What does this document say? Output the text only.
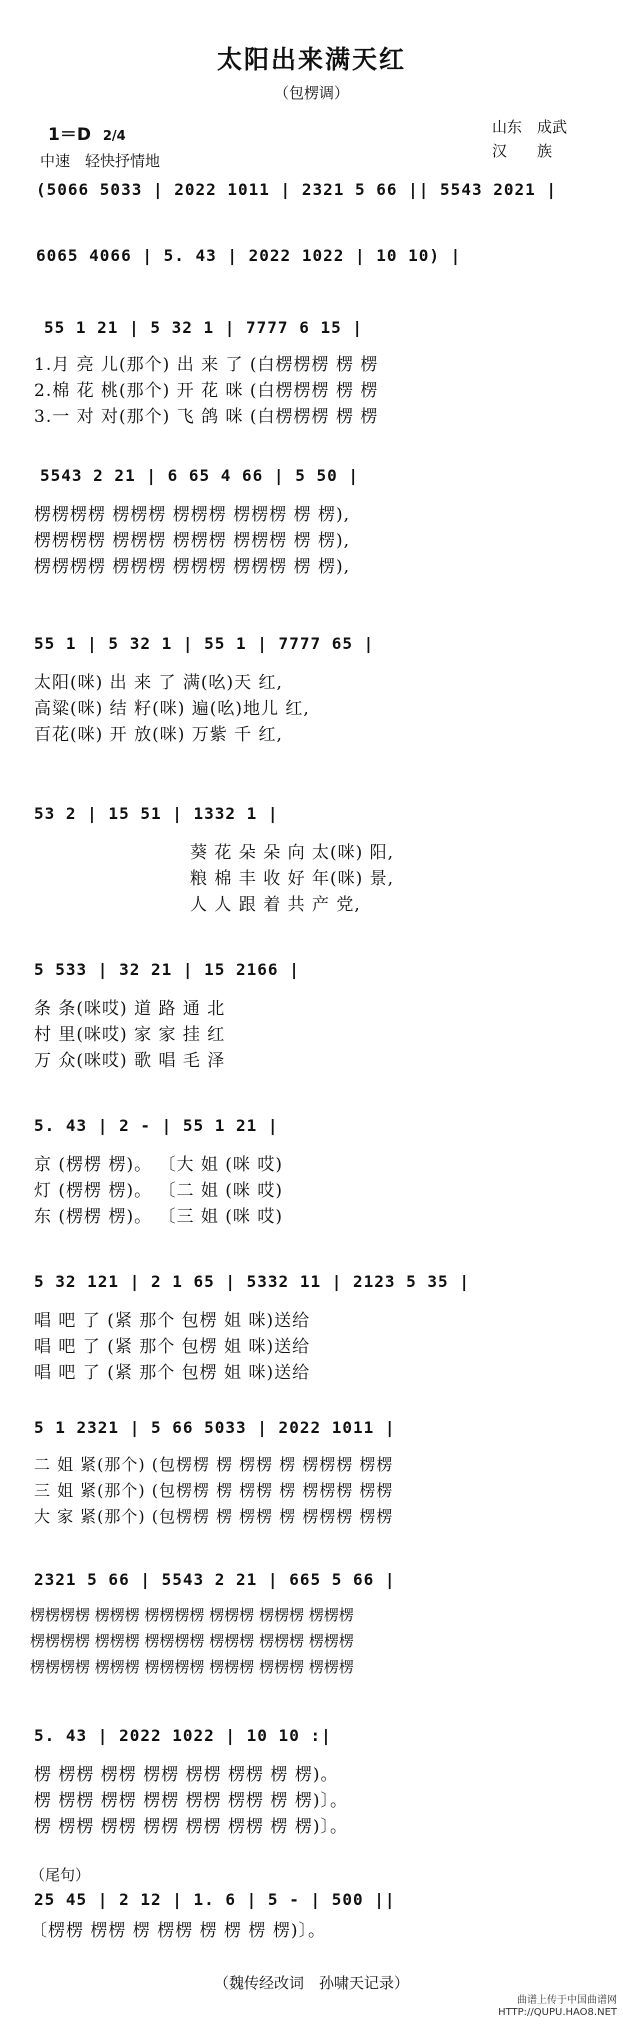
太阳出来满天红
（包楞调）
1＝D 2/4
中速　轻快抒情地
山东　成武
汉　　族
(5066 5033 | 2022 1011 | 2321 5 66 || 5543 2021 |
6065 4066 | 5. 43 | 2022 1022 | 10 10) |
55 1 21 | 5 32 1 | 7777 6 15 |
1.月 亮 儿(那个) 出 来 了 (白楞楞楞 楞 楞
2.棉 花 桃(那个) 开 花 咪 (白楞楞楞 楞 楞
3.一 对 对(那个) 飞 鸽 咪 (白楞楞楞 楞 楞
5543 2 21 | 6 65 4 66 | 5 50 |
楞楞楞楞 楞楞楞 楞楞楞 楞楞楞 楞 楞),
楞楞楞楞 楞楞楞 楞楞楞 楞楞楞 楞 楞),
楞楞楞楞 楞楞楞 楞楞楞 楞楞楞 楞 楞),
55 1 | 5 32 1 | 55 1 | 7777 65 |
太阳(咪) 出 来 了 满(吆)天 红,
高粱(咪) 结 籽(咪) 遍(吆)地儿 红,
百花(咪) 开 放(咪) 万紫 千 红,
53 2 | 15 51 | 1332 1 |
葵 花 朵 朵 向 太(咪) 阳,
粮 棉 丰 收 好 年(咪) 景,
人 人 跟 着 共 产 党,
5 533 | 32 21 | 15 2166 |
条 条(咪哎) 道 路 通 北
村 里(咪哎) 家 家 挂 红
万 众(咪哎) 歌 唱 毛 泽
5. 43 | 2 - | 55 1 21 |
京 (楞楞 楞)。 〔大 姐 (咪 哎)
灯 (楞楞 楞)。 〔二 姐 (咪 哎)
东 (楞楞 楞)。 〔三 姐 (咪 哎)
5 32 121 | 2 1 65 | 5332 11 | 2123 5 35 |
唱 吧 了 (紧 那个 包楞 姐 咪)送给
唱 吧 了 (紧 那个 包楞 姐 咪)送给
唱 吧 了 (紧 那个 包楞 姐 咪)送给
5 1 2321 | 5 66 5033 | 2022 1011 |
二 姐 紧(那个) (包楞楞 楞 楞楞 楞 楞楞楞 楞楞
三 姐 紧(那个) (包楞楞 楞 楞楞 楞 楞楞楞 楞楞
大 家 紧(那个) (包楞楞 楞 楞楞 楞 楞楞楞 楞楞
2321 5 66 | 5543 2 21 | 665 5 66 |
楞楞楞楞 楞楞楞 楞楞楞楞 楞楞楞 楞楞楞 楞楞楞
楞楞楞楞 楞楞楞 楞楞楞楞 楞楞楞 楞楞楞 楞楞楞
楞楞楞楞 楞楞楞 楞楞楞楞 楞楞楞 楞楞楞 楞楞楞
5. 43 | 2022 1022 | 10 10 :|
楞 楞楞 楞楞 楞楞 楞楞 楞楞 楞 楞)。
楞 楞楞 楞楞 楞楞 楞楞 楞楞 楞 楞)〕。
楞 楞楞 楞楞 楞楞 楞楞 楞楞 楞 楞)〕。
（尾句）
25 45 | 2 12 | 1. 6 | 5 - | 500 ||
〔楞楞 楞楞 楞 楞楞 楞 楞 楞 楞)〕。
（魏传经改词　孙啸天记录）
曲谱上传于中国曲谱网
HTTP://QUPU.HAO8.NET
